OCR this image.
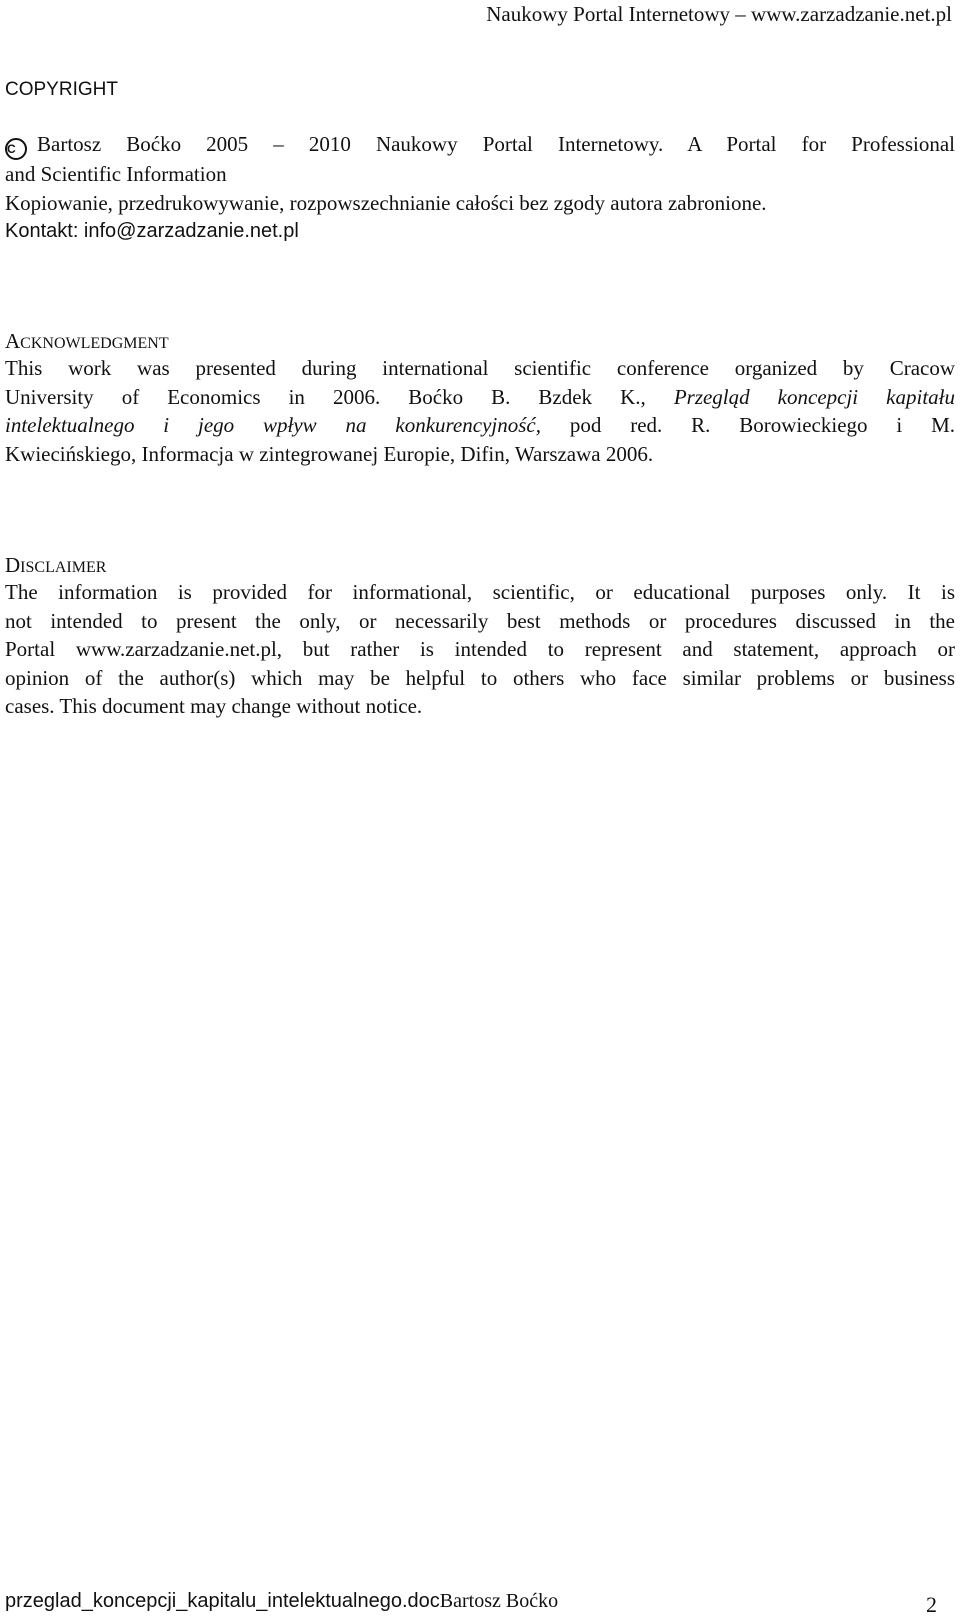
Naukowy Portal Internetowy – www.zarzadzanie.net.pl
COPYRIGHT
C Bartosz Boćko 2005 – 2010 Naukowy Portal Internetowy. A Portal for Professional
and Scientific Information
Kopiowanie, przedrukowywanie, rozpowszechnianie całości bez zgody autora zabronione.
Kontakt: info@zarzadzanie.net.pl
ACKNOWLEDGMENT
This work was presented during international scientific conference organized by Cracow
University of Economics in 2006. Boćko B. Bzdek K., Przegląd koncepcji kapitału
intelektualnego i jego wpływ na konkurencyjność, pod red. R. Borowieckiego i M.
Kwiecińskiego, Informacja w zintegrowanej Europie, Difin, Warszawa 2006.
DISCLAIMER
The information is provided for informational, scientific, or educational purposes only. It is
not intended to present the only, or necessarily best methods or procedures discussed in the
Portal www.zarzadzanie.net.pl, but rather is intended to represent and statement, approach or
opinion of the author(s) which may be helpful to others who face similar problems or business
cases. This document may change without notice.
przeglad_koncepcji_kapitalu_intelektualnego.docBartosz Boćko	2
